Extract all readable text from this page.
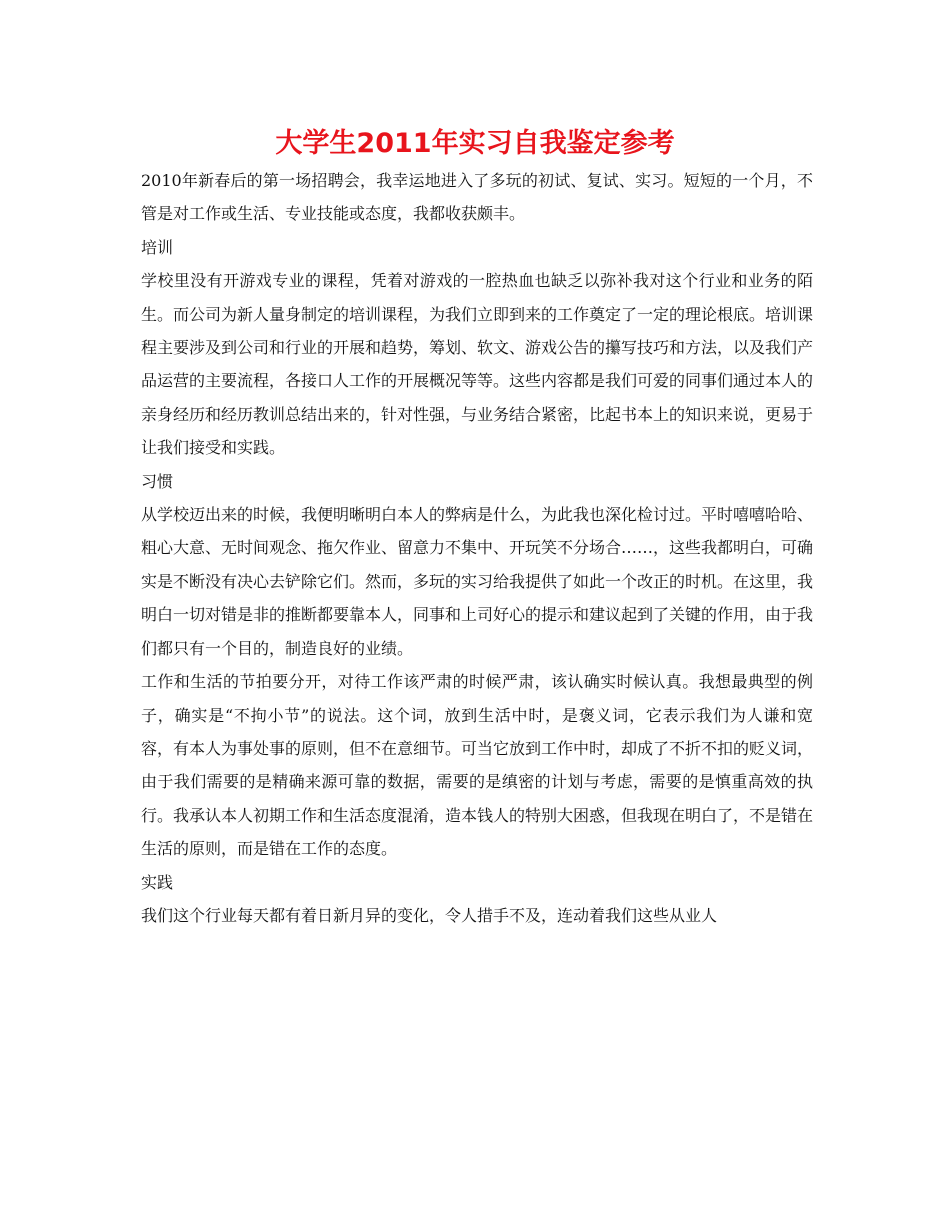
大学生2011年实习自我鉴定参考

2010年新春后的第一场招聘会，我幸运地进入了多玩的初试、复试、实习。短短的一个月，不管是对工作或生活、专业技能或态度，我都收获颇丰。

培训

学校里没有开游戏专业的课程，凭着对游戏的一腔热血也缺乏以弥补我对这个行业和业务的陌生。而公司为新人量身制定的培训课程，为我们立即到来的工作奠定了一定的理论根底。培训课程主要涉及到公司和行业的开展和趋势，筹划、软文、游戏公告的攥写技巧和方法，以及我们产品运营的主要流程，各接口人工作的开展概况等等。这些内容都是我们可爱的同事们通过本人的亲身经历和经历教训总结出来的，针对性强，与业务结合紧密，比起书本上的知识来说，更易于让我们接受和实践。

习惯

从学校迈出来的时候，我便明晰明白本人的弊病是什么，为此我也深化检讨过。平时嘻嘻哈哈、粗心大意、无时间观念、拖欠作业、留意力不集中、开玩笑不分场合……，这些我都明白，可确实是不断没有决心去铲除它们。然而，多玩的实习给我提供了如此一个改正的时机。在这里，我明白一切对错是非的推断都要靠本人，同事和上司好心的提示和建议起到了关键的作用，由于我们都只有一个目的，制造良好的业绩。

工作和生活的节拍要分开，对待工作该严肃的时候严肃，该认确实时候认真。我想最典型的例子，确实是“不拘小节”的说法。这个词，放到生活中时，是褒义词，它表示我们为人谦和宽容，有本人为事处事的原则，但不在意细节。可当它放到工作中时，却成了不折不扣的贬义词，由于我们需要的是精确来源可靠的数据，需要的是缜密的计划与考虑，需要的是慎重高效的执行。我承认本人初期工作和生活态度混淆，造本钱人的特别大困惑，但我现在明白了，不是错在生活的原则，而是错在工作的态度。

实践

我们这个行业每天都有着日新月异的变化，令人措手不及，连动着我们这些从业人
